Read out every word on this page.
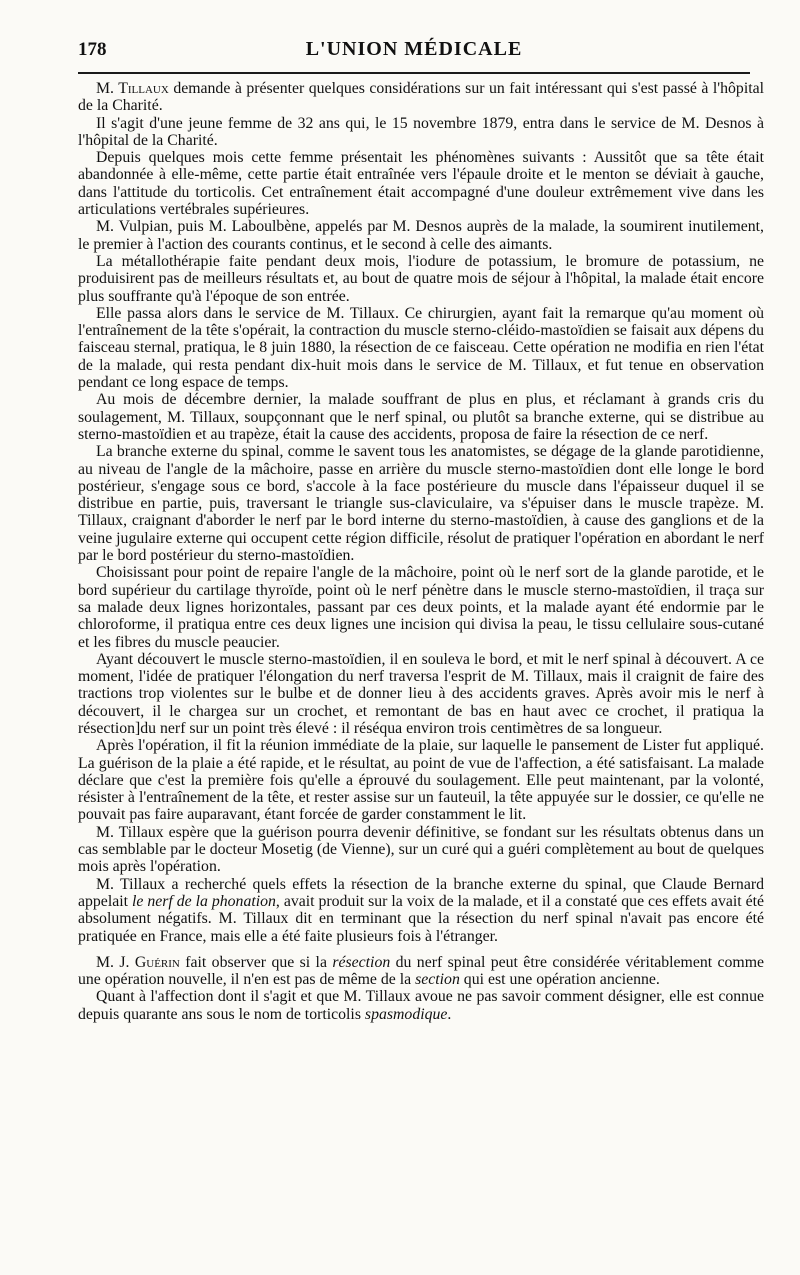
178	L'UNION MÉDICALE

M. Tillaux demande à présenter quelques considérations sur un fait intéressant qui s'est passé à l'hôpital de la Charité.

Il s'agit d'une jeune femme de 32 ans qui, le 15 novembre 1879, entra dans le service de M. Desnos à l'hôpital de la Charité.

Depuis quelques mois cette femme présentait les phénomènes suivants : Aussitôt que sa tête était abandonnée à elle-même, cette partie était entraînée vers l'épaule droite et le menton se déviait à gauche, dans l'attitude du torticolis. Cet entraînement était accompagné d'une douleur extrêmement vive dans les articulations vertébrales supérieures.

M. Vulpian, puis M. Laboulbène, appelés par M. Desnos auprès de la malade, la soumirent inutilement, le premier à l'action des courants continus, et le second à celle des aimants.

La métallothérapie faite pendant deux mois, l'iodure de potassium, le bromure de potassium, ne produisirent pas de meilleurs résultats et, au bout de quatre mois de séjour à l'hôpital, la malade était encore plus souffrante qu'à l'époque de son entrée.

Elle passa alors dans le service de M. Tillaux. Ce chirurgien, ayant fait la remarque qu'au moment où l'entraînement de la tête s'opérait, la contraction du muscle sterno-cléido-mastoïdien se faisait aux dépens du faisceau sternal, pratiqua, le 8 juin 1880, la résection de ce faisceau. Cette opération ne modifia en rien l'état de la malade, qui resta pendant dix-huit mois dans le service de M. Tillaux, et fut tenue en observation pendant ce long espace de temps.

Au mois de décembre dernier, la malade souffrant de plus en plus, et réclamant à grands cris du soulagement, M. Tillaux, soupçonnant que le nerf spinal, ou plutôt sa branche externe, qui se distribue au sterno-mastoïdien et au trapèze, était la cause des accidents, proposa de faire la résection de ce nerf.

La branche externe du spinal, comme le savent tous les anatomistes, se dégage de la glande parotidienne, au niveau de l'angle de la mâchoire, passe en arrière du muscle sterno-mastoïdien dont elle longe le bord postérieur, s'engage sous ce bord, s'accole à la face postérieure du muscle dans l'épaisseur duquel il se distribue en partie, puis, traversant le triangle sus-claviculaire, va s'épuiser dans le muscle trapèze. M. Tillaux, craignant d'aborder le nerf par le bord interne du sterno-mastoïdien, à cause des ganglions et de la veine jugulaire externe qui occupent cette région difficile, résolut de pratiquer l'opération en abordant le nerf par le bord postérieur du sterno-mastoïdien.

Choisissant pour point de repaire l'angle de la mâchoire, point où le nerf sort de la glande parotide, et le bord supérieur du cartilage thyroïde, point où le nerf pénètre dans le muscle sterno-mastoïdien, il traça sur sa malade deux lignes horizontales, passant par ces deux points, et la malade ayant été endormie par le chloroforme, il pratiqua entre ces deux lignes une incision qui divisa la peau, le tissu cellulaire sous-cutané et les fibres du muscle peaucier.

Ayant découvert le muscle sterno-mastoïdien, il en souleva le bord, et mit le nerf spinal à découvert. A ce moment, l'idée de pratiquer l'élongation du nerf traversa l'esprit de M. Tillaux, mais il craignit de faire des tractions trop violentes sur le bulbe et de donner lieu à des accidents graves. Après avoir mis le nerf à découvert, il le chargea sur un crochet, et remontant de bas en haut avec ce crochet, il pratiqua la résection]du nerf sur un point très élevé : il réséqua environ trois centimètres de sa longueur.

Après l'opération, il fit la réunion immédiate de la plaie, sur laquelle le pansement de Lister fut appliqué. La guérison de la plaie a été rapide, et le résultat, au point de vue de l'affection, a été satisfaisant. La malade déclare que c'est la première fois qu'elle a éprouvé du soulagement. Elle peut maintenant, par la volonté, résister à l'entraînement de la tête, et rester assise sur un fauteuil, la tête appuyée sur le dossier, ce qu'elle ne pouvait pas faire auparavant, étant forcée de garder constamment le lit.

M. Tillaux espère que la guérison pourra devenir définitive, se fondant sur les résultats obtenus dans un cas semblable par le docteur Mosetig (de Vienne), sur un curé qui a guéri complètement au bout de quelques mois après l'opération.

M. Tillaux a recherché quels effets la résection de la branche externe du spinal, que Claude Bernard appelait le nerf de la phonation, avait produit sur la voix de la malade, et il a constaté que ces effets avait été absolument négatifs. M. Tillaux dit en terminant que la résection du nerf spinal n'avait pas encore été pratiquée en France, mais elle a été faite plusieurs fois à l'étranger.

M. J. Guérin fait observer que si la résection du nerf spinal peut être considérée véritablement comme une opération nouvelle, il n'en est pas de même de la section qui est une opération ancienne.

Quant à l'affection dont il s'agit et que M. Tillaux avoue ne pas savoir comment désigner, elle est connue depuis quarante ans sous le nom de torticolis spasmodique.
